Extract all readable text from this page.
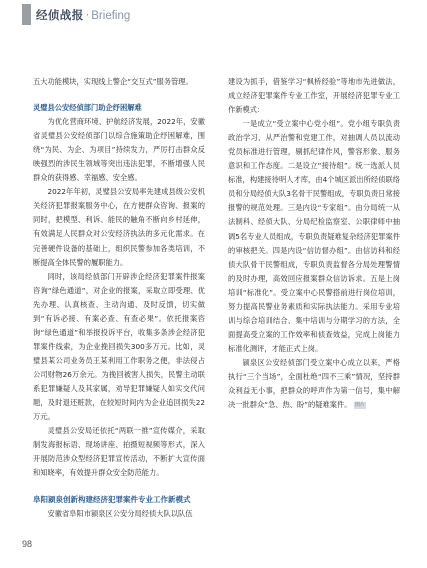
经侦战报 · Briefing

五大功能模块，实现线上警企“交互式”服务管理。

灵璧县公安经侦部门助企纾困解难

为优化营商环境、护航经济发展，2022年，安徽省灵璧县公安经侦部门以综合施策助企纾困解难，围绕“为民、为企、为项目”持续发力，严厉打击群众反映强烈的涉民生领域等突出违法犯罪，不断增强人民群众的获得感、幸福感、安全感。

2022年年初，灵璧县公安局率先建成县级公安机关经济犯罪报案服务中心，在方便群众咨询、报案的同时，把模型、利诉、能民的触角不断向乡村延伸，有效满足人民群众对公安经济执法的多元化需求。在完善硬件设备的基础上，组织民警参加各类培训，不断提高全体民警的履职能力。

同时，该局经侦部门开辟涉企经济犯罪案件报案咨询“绿色通道”，对企业的报案，采取立即受理、优先办理、认真核查、主动沟通、及时反馈，切实做到“有诉必接、有案必查、有查必果”。依托报案咨询“绿色通道”和举报投诉平台，收集多条涉企经济犯罪案件线索，为企业挽回损失300多万元。比如，灵璧县某公司业务员王某利用工作职务之便，非法侵占公司财物26万余元。为挽回被害人损失，民警主动联系犯罪嫌疑人及其家属，劝导犯罪嫌疑人如实交代问题，及时退还赃款，在较短时间内为企业追回损失22万元。

灵璧县公安局还依托“两联一推”宣传媒介，采取制发海报标语、现场讲座、拍摄短视频等形式，深入开展防范涉众型经济犯罪宣传活动，不断扩大宣传面和知晓率，有效提升群众安全防范能力。

阜阳颍泉创新构建经济犯罪案件专业工作新模式

安徽省阜阳市颍泉区公安分局经侦大队以队伍

建设为抓手，借鉴学习“枫桥经验”等地市先进做法，成立经济犯罪案件专业工作室，开展经济犯罪专业工作新模式：

一是成立“受立案中心党小组”。党小组专职负责政治学习、从严治警和党建工作，对抽调人员以流动党员标准进行管理，剔抓纪律作风，警容形象、服务意识和工作态度。二是设立“接待组”。统一选派人员标准，构建接待明人才库，由4个城区派出所经侦联络员和分局经侦大队3名骨干民警组成，专职负责日常接报警的规范处理。三是内设“专家组”。由分局统一从法制科、经侦大队、分局纪检监察室、公职律师中抽调5名专业人员组成，专职负责疑难复杂经济犯罪案件的审核把关。四是内设“信访督办组”。由信访科和经侦大队骨干民警组成，专职负责监督各分局处理警情的及时办理，高效回应报案群众信访诉求。五是上岗培训“标准化”。受立案中心民警搭前进行岗位培训，努力提高民警业务素质和实际执法能力。采用专业培训与综合培训结合、集中培训与分期学习的方法，全面提高受立案的工作效率和侦查效益，完成上岗能力标准化测评，才能正式上岗。

颍泉区公安经侦部门受立案中心成立以来，严格执行“三个当场”，全面杜绝“四不三乘”情况，坚持群众利益无小事，把群众的呼声作为第一信号，集中解决一批群众“急、热、盼”的疑难案件。 图片

98
